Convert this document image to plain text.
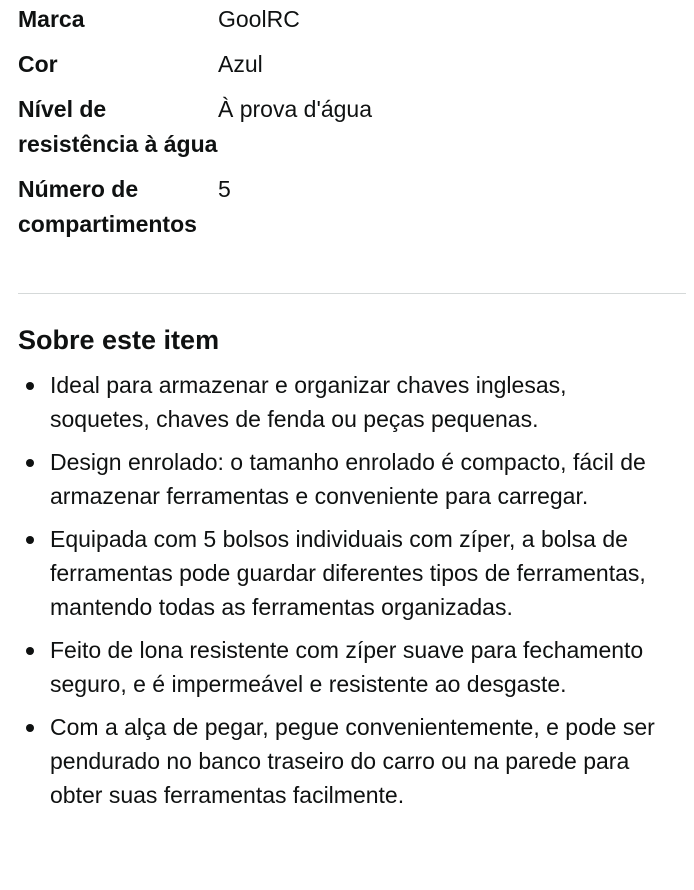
Marca	GoolRC
Cor	Azul
Nível de resistência à água	À prova d'água
Número de compartimentos	5
Sobre este item
Ideal para armazenar e organizar chaves inglesas, soquetes, chaves de fenda ou peças pequenas.
Design enrolado: o tamanho enrolado é compacto, fácil de armazenar ferramentas e conveniente para carregar.
Equipada com 5 bolsos individuais com zíper, a bolsa de ferramentas pode guardar diferentes tipos de ferramentas, mantendo todas as ferramentas organizadas.
Feito de lona resistente com zíper suave para fechamento seguro, e é impermeável e resistente ao desgaste.
Com a alça de pegar, pegue convenientemente, e pode ser pendurado no banco traseiro do carro ou na parede para obter suas ferramentas facilmente.
